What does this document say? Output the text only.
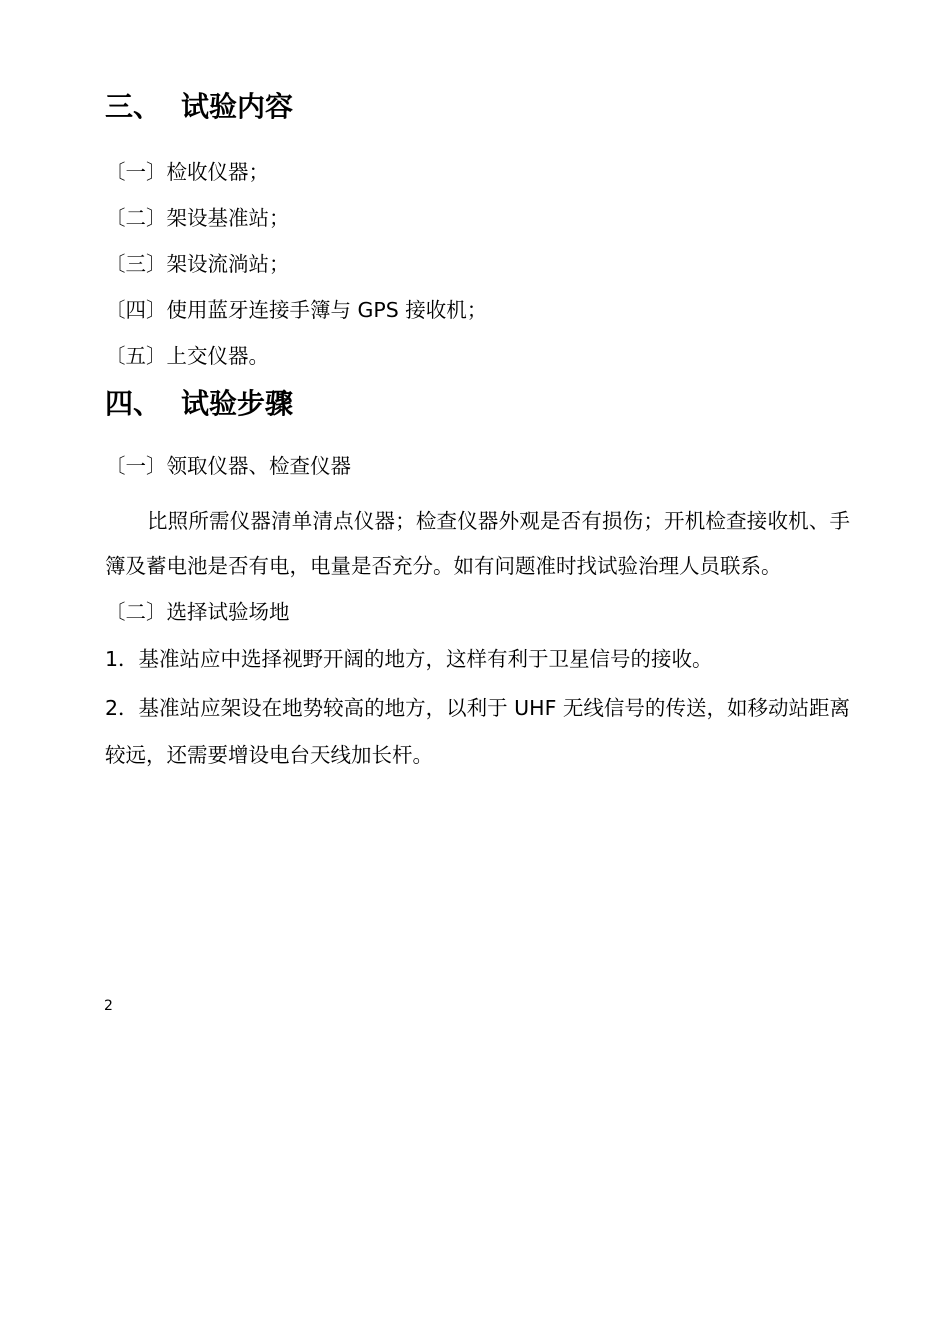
三、 试验内容
〔一〕检收仪器；
〔二〕架设基准站；
〔三〕架设流淌站；
〔四〕使用蓝牙连接手簿与 GPS 接收机；
〔五〕上交仪器。
四、 试验步骤
〔一〕领取仪器、检查仪器
比照所需仪器清单清点仪器；检查仪器外观是否有损伤；开机检查接收机、手簿及蓄电池是否有电，电量是否充分。如有问题准时找试验治理人员联系。
〔二〕选择试验场地
1．基准站应中选择视野开阔的地方，这样有利于卫星信号的接收。
2．基准站应架设在地势较高的地方，以利于 UHF 无线信号的传送，如移动站距离较远，还需要增设电台天线加长杆。
2
